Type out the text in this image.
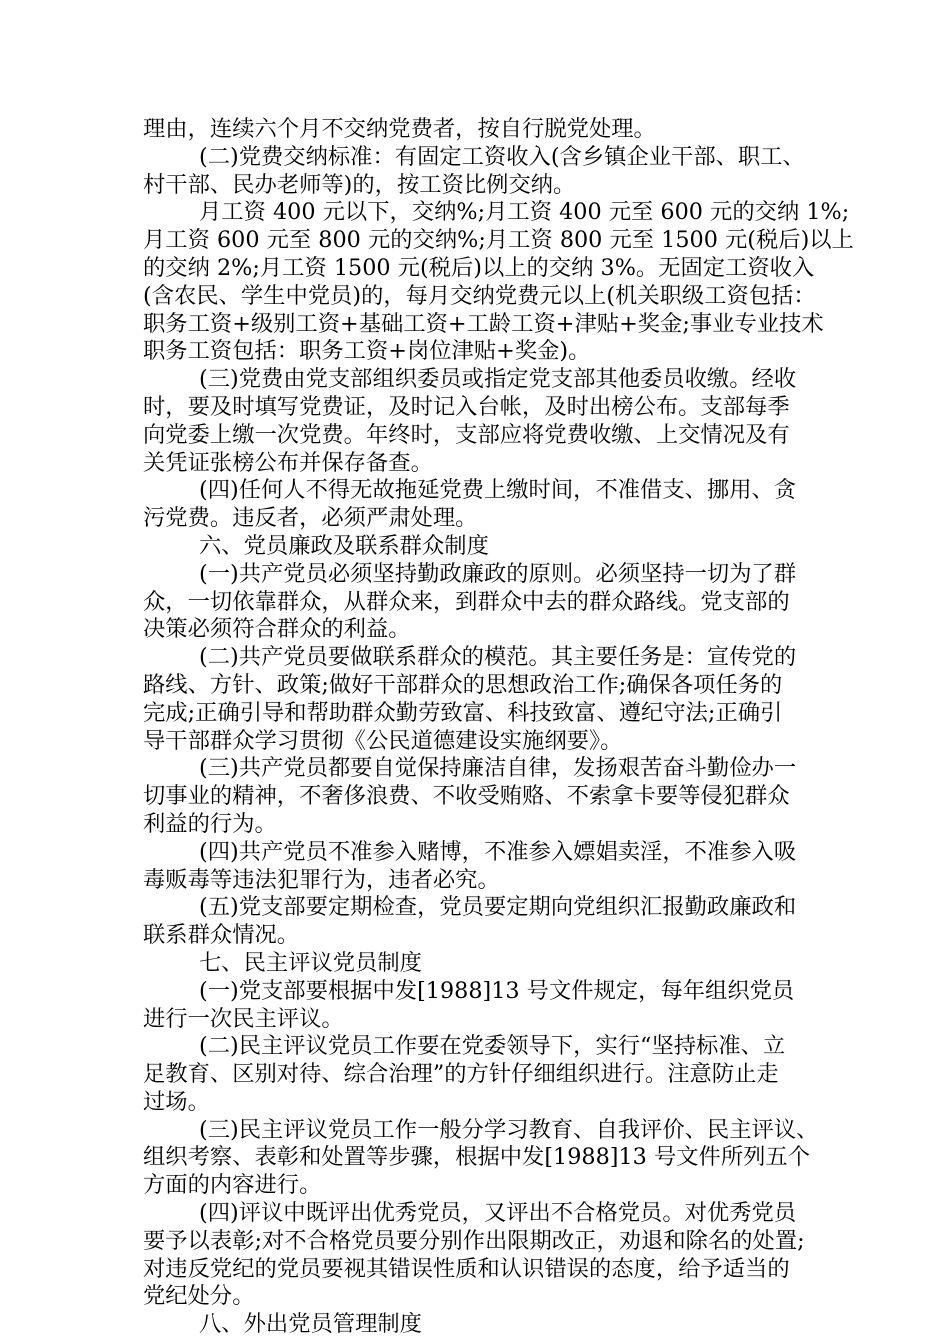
理由，连续六个月不交纳党费者，按自行脱党处理。
(二)党费交纳标准：有固定工资收入(含乡镇企业干部、职工、
村干部、民办老师等)的，按工资比例交纳。
月工资 400 元以下，交纳%;月工资 400 元至 600 元的交纳 1%;
月工资 600 元至 800 元的交纳%;月工资 800 元至 1500 元(税后)以上
的交纳 2%;月工资 1500 元(税后)以上的交纳 3%。无固定工资收入
(含农民、学生中党员)的，每月交纳党费元以上(机关职级工资包括：
职务工资+级别工资+基础工资+工龄工资+津贴+奖金;事业专业技术
职务工资包括：职务工资+岗位津贴+奖金)。
(三)党费由党支部组织委员或指定党支部其他委员收缴。经收
时，要及时填写党费证，及时记入台帐，及时出榜公布。支部每季
向党委上缴一次党费。年终时，支部应将党费收缴、上交情况及有
关凭证张榜公布并保存备查。
(四)任何人不得无故拖延党费上缴时间，不准借支、挪用、贪
污党费。违反者，必须严肃处理。
六、党员廉政及联系群众制度
(一)共产党员必须坚持勤政廉政的原则。必须坚持一切为了群
众，一切依靠群众，从群众来，到群众中去的群众路线。党支部的
决策必须符合群众的利益。
(二)共产党员要做联系群众的模范。其主要任务是：宣传党的
路线、方针、政策;做好干部群众的思想政治工作;确保各项任务的
完成;正确引导和帮助群众勤劳致富、科技致富、遵纪守法;正确引
导干部群众学习贯彻《公民道德建设实施纲要》。
(三)共产党员都要自觉保持廉洁自律，发扬艰苦奋斗勤俭办一
切事业的精神，不奢侈浪费、不收受贿赂、不索拿卡要等侵犯群众
利益的行为。
(四)共产党员不准参入赌博，不准参入嫖娼卖淫，不准参入吸
毒贩毒等违法犯罪行为，违者必究。
(五)党支部要定期检查，党员要定期向党组织汇报勤政廉政和
联系群众情况。
七、民主评议党员制度
(一)党支部要根据中发[1988]13 号文件规定，每年组织党员
进行一次民主评议。
(二)民主评议党员工作要在党委领导下，实行“坚持标准、立
足教育、区别对待、综合治理”的方针仔细组织进行。注意防止走
过场。
(三)民主评议党员工作一般分学习教育、自我评价、民主评议、
组织考察、表彰和处置等步骤，根据中发[1988]13 号文件所列五个
方面的内容进行。
(四)评议中既评出优秀党员，又评出不合格党员。对优秀党员
要予以表彰;对不合格党员要分别作出限期改正，劝退和除名的处置;
对违反党纪的党员要视其错误性质和认识错误的态度，给予适当的
党纪处分。
八、外出党员管理制度
